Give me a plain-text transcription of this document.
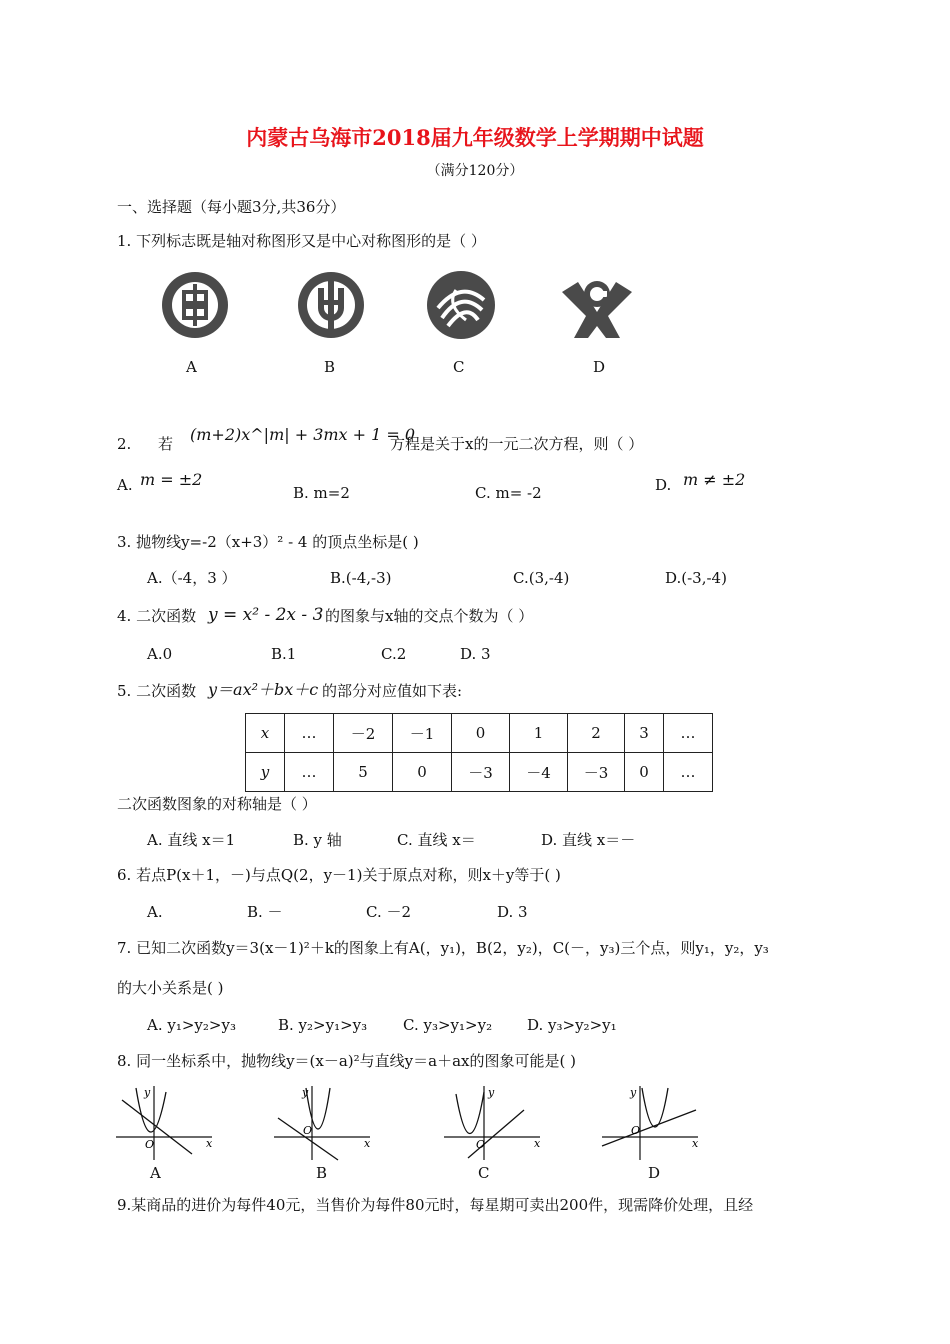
内蒙古乌海市2018届九年级数学上学期期中试题
（满分120分）
一、选择题（每小题3分,共36分）
1. 下列标志既是轴对称图形又是中心对称图形的是（ ）
A	B	C	D
2. 若 (m+2)x^|m| + 3mx + 1 = 0
方程是关于x的一元二次方程，则（ ）
A. m = ±2
B. m=2	C. m= -2	D. m ≠ ±2
3. 抛物线y=-2（x+3）² - 4 的顶点坐标是( )
A.（-4，3 ）	B.(-4,-3)	C.(3,-4)	D.(-3,-4)
4. 二次函数 y = x² - 2x - 3 的图象与x轴的交点个数为（ ）
A.0	B.1	C.2	D. 3
5. 二次函数 y＝ax²＋bx＋c 的部分对应值如下表:
x	…	－2	－1	0	1	2	3	…
y	…	5	0	－3	－4	－3	0	…
二次函数图象的对称轴是（ ）
A. 直线 x＝1	B. y 轴	C. 直线 x＝	D. 直线 x＝－
6. 若点P(x＋1，－)与点Q(2，y－1)关于原点对称，则x＋y等于( )
A.	B. －	C. －2	D. 3
7. 已知二次函数y＝3(x－1)²＋k的图象上有A(，y₁)，B(2，y₂)，C(－，y₃)三个点，则y₁，y₂，y₃
的大小关系是( )
A. y₁>y₂>y₃	B. y₂>y₁>y₃ C. y₃>y₁>y₂ D. y₃>y₂>y₁
8. 同一坐标系中，抛物线y＝(x－a)²与直线y＝a＋ax的图象可能是( )
y
x
O
y
x
O
y
x
O
y
x
O
A	B	C	D
9.某商品的进价为每件40元，当售价为每件80元时，每星期可卖出200件，现需降价处理，且经
